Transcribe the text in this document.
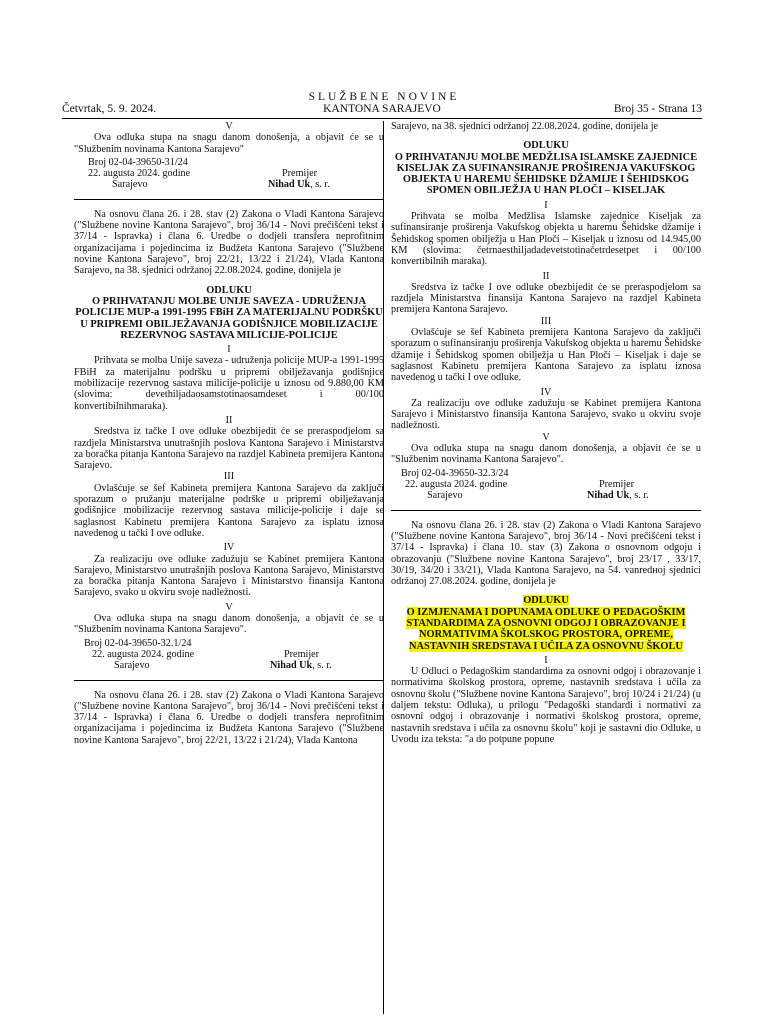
SLUŽBENE NOVINE
KANTONA SARAJEVO
Četvrtak, 5. 9. 2024.	Broj 35 - Strana 13

V

Ova odluka stupa na snagu danom donošenja, a objavit će se u "Službenim novinama Kantona Sarajevo"

Broj 02-04-39650-31/24
22. augusta 2024. godine
Sarajevo
Premijer
Nihad Uk, s. r.

Na osnovu člana 26. i 28. stav (2) Zakona o Vladi Kantona Sarajevo ("Službene novine Kantona Sarajevo", broj 36/14 - Novi prečišćeni tekst i 37/14 - Ispravka) i člana 6. Uredbe o dodjeli transfera neprofitnim organizacijama i pojedincima iz Budžeta Kantona Sarajevo ("Službene novine Kantona Sarajevo", broj 22/21, 13/22 i 21/24), Vlada Kantona Sarajevo, na 38. sjednici održanoj 22.08.2024. godine, donijela je

ODLUKU

O PRIHVATANJU MOLBE UNIJE SAVEZA - UDRUŽENJA POLICIJE MUP-a 1991-1995 FBiH ZA MATERIJALNU PODRŠKU U PRIPREMI OBILJEŽAVANJA GODIŠNJICE MOBILIZACIJE REZERVNOG SASTAVA MILICIJE-POLICIJE

I

Prihvata se molba Unije saveza - udruženja policije MUP-a 1991-1995 FBiH za materijalnu podršku u pripremi obilježavanja godišnjice mobilizacije rezervnog sastava milicije-policije u iznosu od 9.880,00 KM (slovima: devethiljadaosamstotinaosamdeset i 00/100 konvertibilnihmaraka).

II

Sredstva iz tačke I ove odluke obezbijedit će se preraspodjelom sa razdjela Ministarstva unutrašnjih poslova Kantona Sarajevo i Ministarstva za boračka pitanja Kantona Sarajevo na razdjel Kabineta premijera Kantona Sarajevo.

III

Ovlašćuje se šef Kabineta premijera Kantona Sarajevo da zaključi sporazum o pružanju materijalne podrške u pripremi obilježavanja godišnjice mobilizacije rezervnog sastava milicije-policije i daje se saglasnost Kabinetu premijera Kantona Sarajevo za isplatu iznosa navedenog u tački I ove odluke.

IV

Za realizaciju ove odluke zadužuju se Kabinet premijera Kantona Sarajevo, Ministarstvo unutrašnjih poslova Kantona Sarajevo, Ministarstvo za boračka pitanja Kantona Sarajevo i Ministarstvo finansija Kantona Sarajevo, svako u okviru svoje nadležnosti.

V

Ova odluka stupa na snagu danom donošenja, a objavit će se u "Službenim novinama Kantona Sarajevo".

Broj 02-04-39650-32.1/24
22. augusta 2024. godine
Sarajevo
Premijer
Nihad Uk, s. r.

Na osnovu člana 26. i 28. stav (2) Zakona o Vladi Kantona Sarajevo ("Službene novine Kantona Sarajevo", broj 36/14 - Novi prečišćeni tekst i 37/14 - Ispravka) i člana 6. Uredbe o dodjeli transfera neprofitnim organizacijama i pojedincima iz Budžeta Kantona Sarajevo ("Službene novine Kantona Sarajevo", broj 22/21, 13/22 i 21/24), Vlada Kantona

Sarajevo, na 38. sjednici održanoj 22.08.2024. godine, donijela je

ODLUKU

O PRIHVATANJU MOLBE MEDŽLISA ISLAMSKE ZAJEDNICE KISELJAK ZA SUFINANSIRANJE PROŠIRENJA VAKUFSKOG OBJEKTA U HAREMU ŠEHIDSKE DŽAMIJE I ŠEHIDSKOG SPOMEN OBILJEŽJA U HAN PLOČI – KISELJAK

I

Prihvata se molba Medžlisa Islamske zajednice Kiseljak za sufinansiranje proširenja Vakufskog objekta u haremu Šehidske džamije i Šehidskog spomen obilježja u Han Pločí – Kiseljak u iznosu od 14.945,00 KM (slovima: četrnaesthiljadadevetstotinačetrdesetpet i 00/100 konvertibilnih maraka).

II

Sredstva iz tačke I ove odluke obezbijedit će se preraspodjelom sa razdjela Ministarstva finansija Kantona Sarajevo na razdjel Kabineta premijera Kantona Sarajevo.

III

Ovlašćuje se šef Kabineta premijera Kantona Sarajevo da zaključi sporazum o sufinansiranju proširenja Vakufskog objekta u haremu Šehidske džamije i Šehidskog spomen obilježja u Han Pločí – Kiseljak i daje se saglasnost Kabinetu premijera Kantona Sarajevo za isplatu iznosa navedenog u tački I ove odluke.

IV

Za realizaciju ove odluke zadužuju se Kabinet premijera Kantona Sarajevo i Ministarstvo finansija Kantona Sarajevo, svako u okviru svoje nadležnosti.

V

Ova odluka stupa na snagu danom donošenja, a objavit će se u "Službenim novinama Kantona Sarajevo".

Broj 02-04-39650-32.3/24
22. augusta 2024. godine
Sarajevo
Premijer
Nihad Uk, s. r.

Na osnovu člana 26. i 28. stav (2) Zakona o Vladi Kantona Sarajevo ("Službene novine Kantona Sarajevo", broj 36/14 - Novi prečišćeni tekst i 37/14 - Ispravka) i člana 10. stav (3) Zakona o osnovnom odgoju i obrazovanju ("Službene novine Kantona Sarajevo", broj 23/17 , 33/17, 30/19, 34/20 i 33/21), Vlada Kantona Sarajevo, na 54. vanredној sjednici održanoj 27.08.2024. godine, donijela je

ODLUKU

O IZMJENAMA I DOPUNAMA ODLUKE O PEDAGOŠKIM STANDARDIMA ZA OSNOVNI ODGOJ I OBRAZOVANJE I NORMATIVIMA ŠKOLSKOG PROSTORA, OPREME, NASTAVNIH SREDSTAVA I UČILA ZA OSNOVNU ŠKOLU

I

U Odluci o Pedagoškim standardima za osnovni odgoj i obrazovanje i normativima školskog prostora, opreme, nastavnih sredstava i učila za osnovnu školu ("Službene novine Kantona Sarajevo", broj 10/24 i 21/24) (u daljem tekstu: Odluka), u prilogu "Pedagoški standardi i normativi za osnovni odgoj i obrazovanje i normativi školskog prostora, opreme, nastavnih sredstava i učila za osnovnu školu" koji je sastavni dio Odluke, u Uvodu iza teksta: "a do potpune popune
